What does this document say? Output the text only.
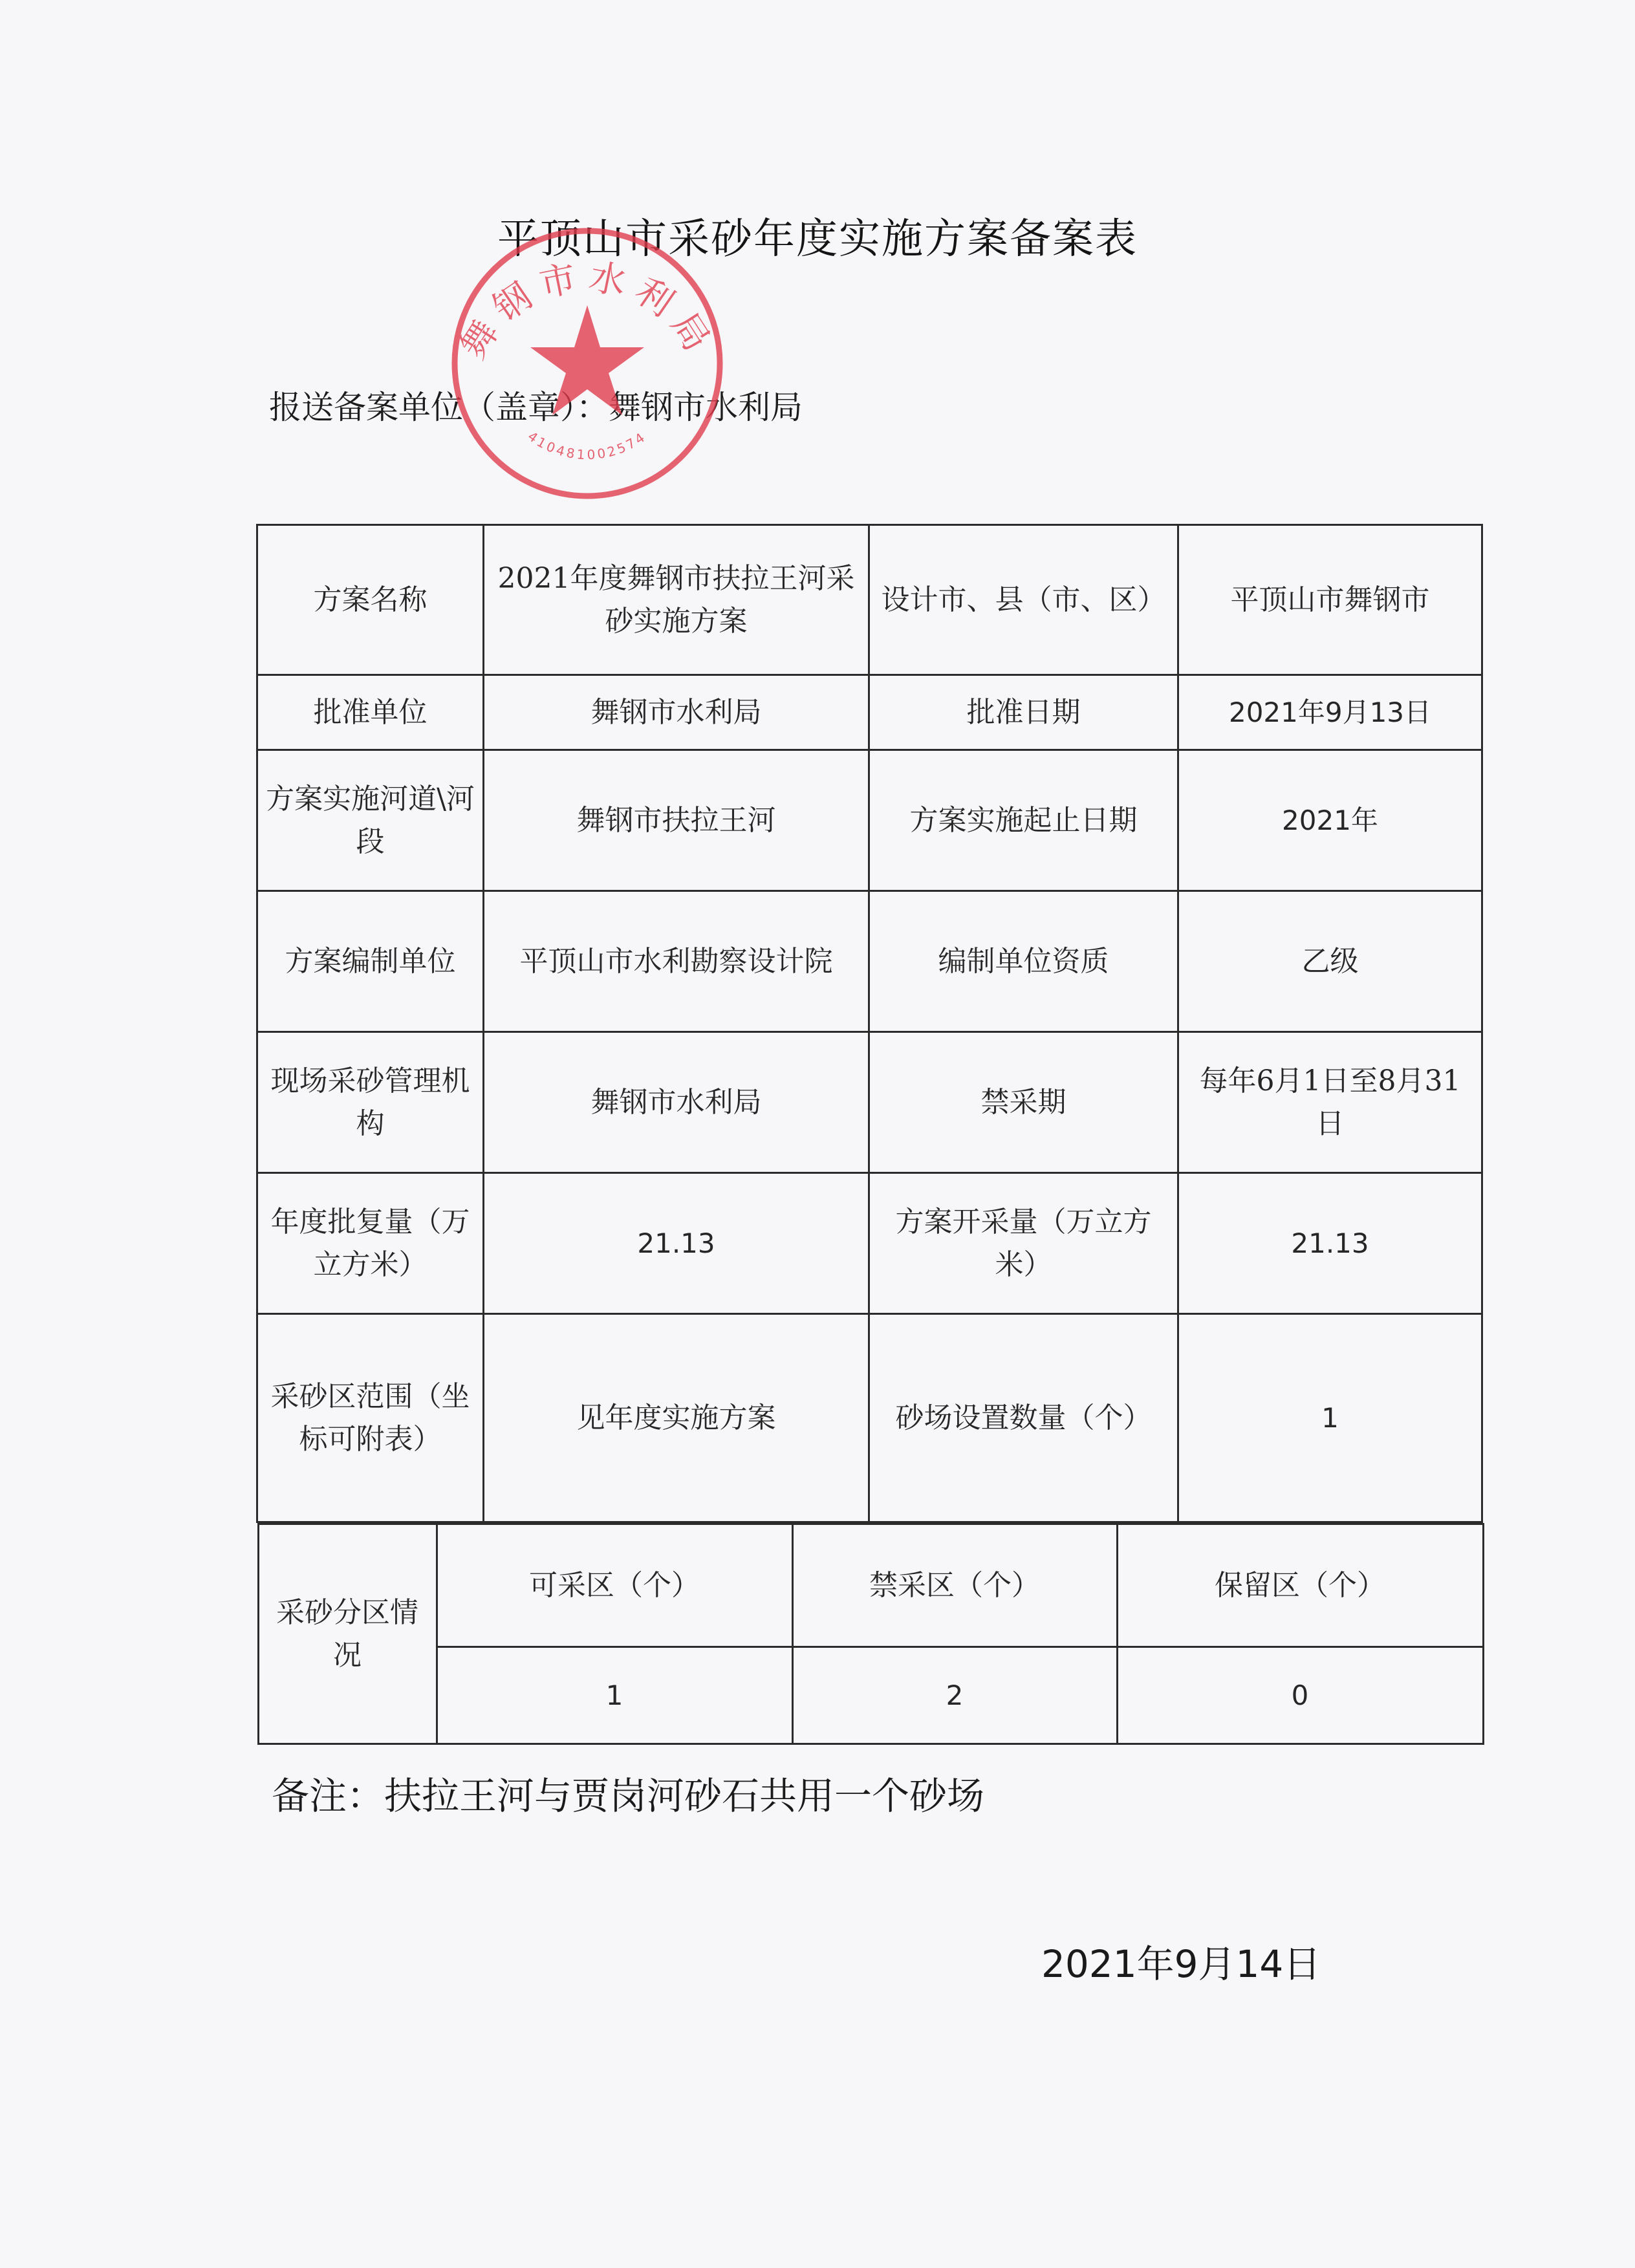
平顶山市采砂年度实施方案备案表
报送备案单位（盖章）：舞钢市水利局
舞钢市水利局
410481002574
方案名称	2021年度舞钢市扶拉王河采砂实施方案	设计市、县（市、区）	平顶山市舞钢市
批准单位	舞钢市水利局	批准日期	2021年9月13日
方案实施河道\河段	舞钢市扶拉王河	方案实施起止日期	2021年
方案编制单位	平顶山市水利勘察设计院	编制单位资质	乙级
现场采砂管理机构	舞钢市水利局	禁采期	每年6月1日至8月31日
年度批复量（万立方米）	21.13	方案开采量（万立方米）	21.13
采砂区范围（坐标可附表）	见年度实施方案	砂场设置数量（个）	1

采砂分区情况	可采区（个）	禁采区（个）	保留区（个）
1	2	0
备注：扶拉王河与贾岗河砂石共用一个砂场
2021年9月14日
